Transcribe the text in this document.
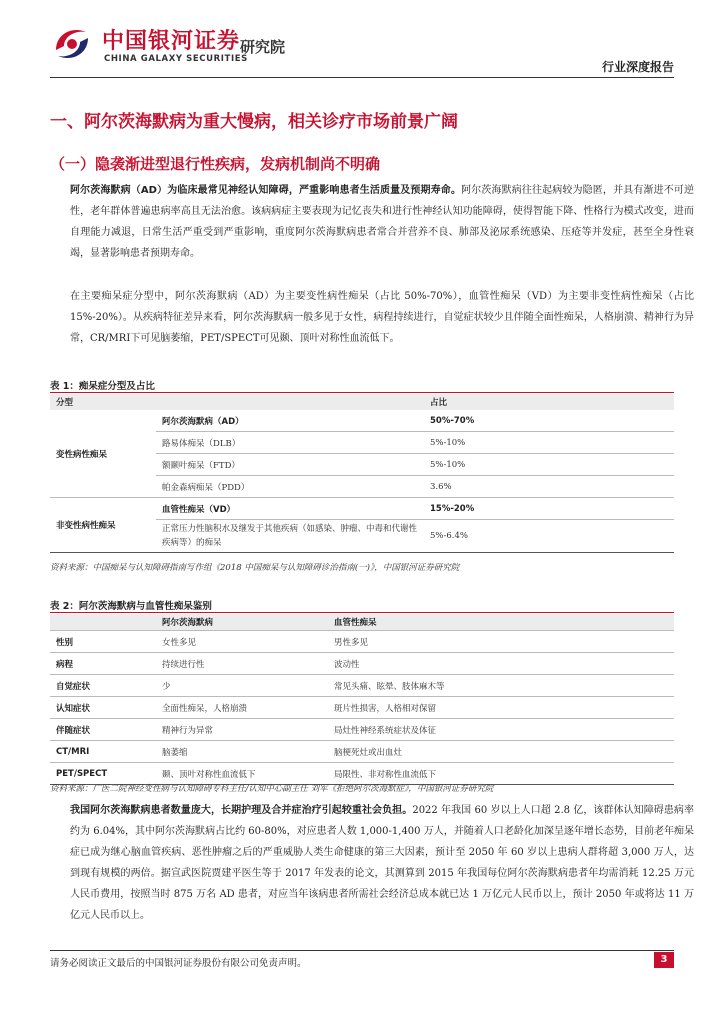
中国银河证券 研究院
CHINA GALAXY SECURITIES
行业深度报告
一、阿尔茨海默病为重大慢病，相关诊疗市场前景广阔
（一）隐袭渐进型退行性疾病，发病机制尚不明确
阿尔茨海默病（AD）为临床最常见神经认知障碍，严重影响患者生活质量及预期寿命。阿尔茨海默病往往起病较为隐匿，并具有渐进不可逆性，老年群体普遍患病率高且无法治愈。该病病症主要表现为记忆丧失和进行性神经认知功能障碍，使得智能下降、性格行为模式改变，进而自理能力减退，日常生活严重受到严重影响，重度阿尔茨海默病患者常合并营养不良、肺部及泌尿系统感染、压疮等并发症，甚至全身性衰竭，显著影响患者预期寿命。
在主要痴呆症分型中，阿尔茨海默病（AD）为主要变性病性痴呆（占比 50%-70%），血管性痴呆（VD）为主要非变性病性痴呆（占比 15%-20%）。从疾病特征差异来看，阿尔茨海默病一般多见于女性，病程持续进行，自觉症状较少且伴随全面性痴呆，人格崩溃、精神行为异常，CR/MRI下可见脑萎缩，PET/SPECT可见颞、顶叶对称性血流低下。
表 1：痴呆症分型及占比
分型		占比
变性病性痴呆	阿尔茨海默病（AD）	50%-70%
	路易体痴呆（DLB）	5%-10%
	额颞叶痴呆（FTD）	5%-10%
	帕金森病痴呆（PDD）	3.6%
非变性病性痴呆	血管性痴呆（VD）	15%-20%
	正常压力性脑积水及继发于其他疾病（如感染、肿瘤、中毒和代谢性疾病等）的痴呆	5%-6.4%
资料来源：中国痴呆与认知障碍指南写作组《2018 中国痴呆与认知障碍诊治指南(一)》，中国银河证券研究院
表 2：阿尔茨海默病与血管性痴呆鉴别
	阿尔茨海默病	血管性痴呆
性别	女性多见	男性多见
病程	持续进行性	波动性
自觉症状	少	常见头痛、眩晕、肢体麻木等
认知症状	全面性痴呆，人格崩溃	斑片性损害，人格相对保留
伴随症状	精神行为异常	局灶性神经系统症状及体征
CT/MRI	脑萎缩	脑梗死灶或出血灶
PET/SPECT	颞、顶叶对称性血流低下	局限性、非对称性血流低下
资料来源：广医二院神经变性病与认知障碍专科主任/认知中心副主任 刘军《拒绝阿尔茨海默症》，中国银河证券研究院
我国阿尔茨海默病患者数量庞大，长期护理及合并症治疗引起较重社会负担。2022 年我国 60 岁以上人口超 2.8 亿，该群体认知障碍患病率约为 6.04%，其中阿尔茨海默病占比约 60-80%，对应患者人数 1,000-1,400 万人，并随着人口老龄化加深呈逐年增长态势，目前老年痴呆症已成为继心脑血管疾病、恶性肿瘤之后的严重威胁人类生命健康的第三大因素，预计至 2050 年 60 岁以上患病人群将超 3,000 万人，达到现有规模的两倍。据宣武医院贾建平医生等于 2017 年发表的论文，其测算到 2015 年我国每位阿尔茨海默病患者年均需消耗 12.25 万元人民币费用，按照当时 875 万名 AD 患者，对应当年该病患者所需社会经济总成本就已达 1 万亿元人民币以上，预计 2050 年或将达 11 万亿元人民币以上。
请务必阅读正文最后的中国银河证券股份有限公司免责声明。	3
